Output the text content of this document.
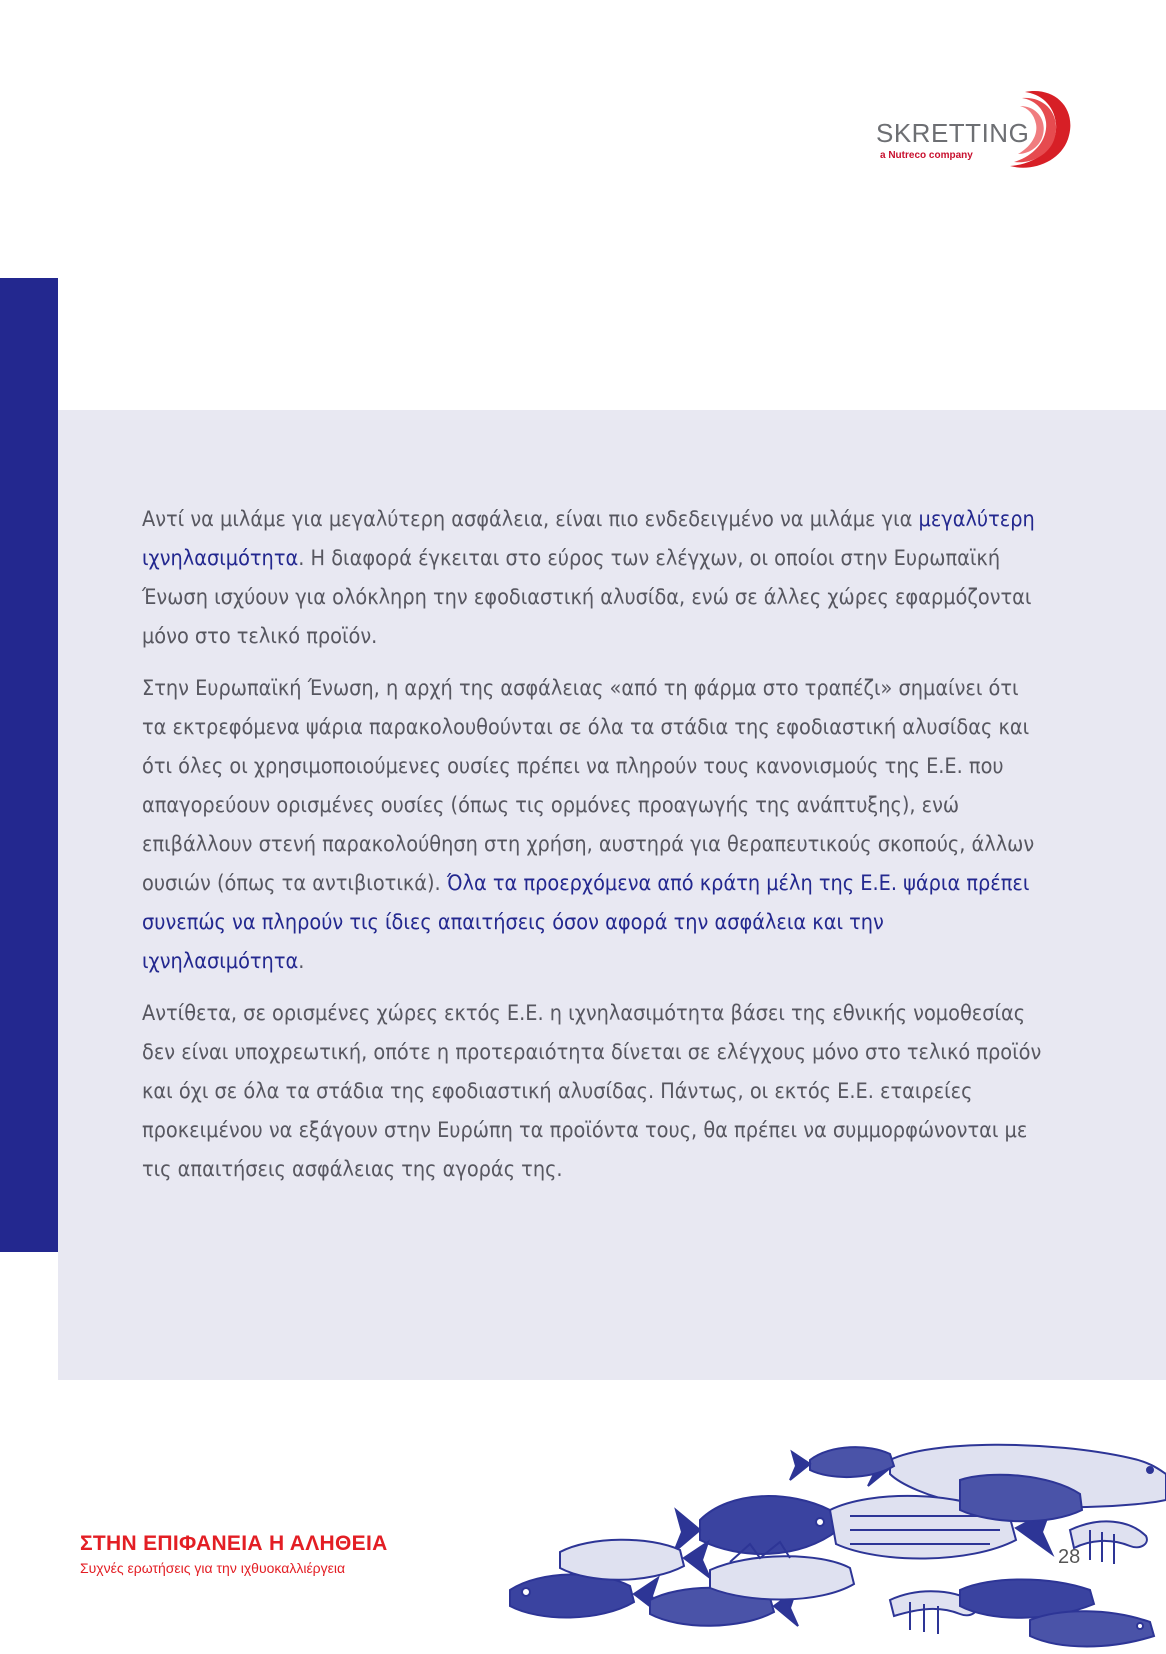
SKRETTING
a Nutreco company

Αντί να μιλάμε για μεγαλύτερη ασφάλεια, είναι πιο ενδεδειγμένο να μιλάμε για μεγαλύτερη ιχνηλασιμότητα. Η διαφορά έγκειται στο εύρος των ελέγχων, οι οποίοι στην Ευρωπαϊκή Ένωση ισχύουν για ολόκληρη την εφοδιαστική αλυσίδα, ενώ σε άλλες χώρες εφαρμόζονται μόνο στο τελικό προϊόν.

Στην Ευρωπαϊκή Ένωση, η αρχή της ασφάλειας «από τη φάρμα στο τραπέζι» σημαίνει ότι τα εκτρεφόμενα ψάρια παρακολουθούνται σε όλα τα στάδια της εφοδιαστική αλυσίδας και ότι όλες οι χρησιμοποιούμενες ουσίες πρέπει να πληρούν τους κανονισμούς της Ε.Ε. που απαγορεύουν ορισμένες ουσίες (όπως τις ορμόνες προαγωγής της ανάπτυξης), ενώ επιβάλλουν στενή παρακολούθηση στη χρήση, αυστηρά για θεραπευτικούς σκοπούς, άλλων ουσιών (όπως τα αντιβιοτικά). Όλα τα προερχόμενα από κράτη μέλη της Ε.Ε. ψάρια πρέπει συνεπώς να πληρούν τις ίδιες απαιτήσεις όσον αφορά την ασφάλεια και την ιχνηλασιμότητα.

Αντίθετα, σε ορισμένες χώρες εκτός Ε.Ε. η ιχνηλασιμότητα βάσει της εθνικής νομοθεσίας δεν είναι υποχρεωτική, οπότε η προτεραιότητα δίνεται σε ελέγχους μόνο στο τελικό προϊόν και όχι σε όλα τα στάδια της εφοδιαστική αλυσίδας. Πάντως, οι εκτός Ε.Ε. εταιρείες προκειμένου να εξάγουν στην Ευρώπη τα προϊόντα τους, θα πρέπει να συμμορφώνονται με τις απαιτήσεις ασφάλειας της αγοράς της.

ΣΤΗΝ ΕΠΙΦΑΝΕΙΑ Η ΑΛΗΘΕΙΑ
Συχνές ερωτήσεις για την ιχθυοκαλλιέργεια	28
